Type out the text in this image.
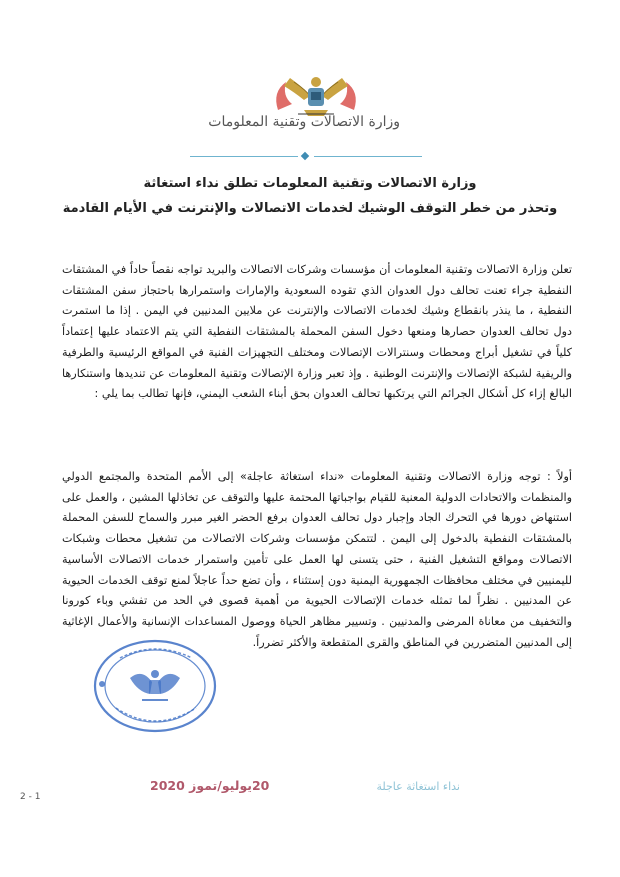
وزارة الاتصالات وتقنية المعلومات
وزارة الاتصالات وتقنية المعلومات تطلق نداء استغاثة
وتحذر من خطر التوقف الوشيك لخدمات الاتصالات والإنترنت في الأيام القادمة
تعلن وزارة الاتصالات وتقنية المعلومات أن مؤسسات وشركات الاتصالات والبريد تواجه نقصاً حاداً في المشتقات النفطية جراء تعنت تحالف دول العدوان الذي تقوده السعودية والإمارات واستمرارها باحتجاز سفن المشتقات النفطية ، ما ينذر بانقطاع وشيك لخدمات الاتصالات والإنترنت عن ملايين المدنيين في اليمن . إذا ما استمرت دول تحالف العدوان حصارها ومنعها دخول السفن المحملة بالمشتقات النفطية التي يتم الاعتماد عليها إعتماداً كلياً في تشغيل أبراج ومحطات وسنترالات الإتصالات ومختلف التجهيزات الفنية في المواقع الرئيسية والطرفية والريفية لشبكة الإتصالات والإنترنت الوطنية . وإذ تعبر وزارة الإتصالات وتقنية المعلومات عن تنديدها واستنكارها البالغ إزاء كل أشكال الجرائم التي يرتكبها تحالف العدوان بحق أبناء الشعب اليمني، فإنها تطالب بما يلي :
أولاً : توجه وزارة الاتصالات وتقنية المعلومات «نداء استغاثة عاجلة» إلى الأمم المتحدة والمجتمع الدولي والمنظمات والاتحادات الدولية المعنية للقيام بواجباتها المحتمة عليها والتوقف عن تخاذلها المشين ، والعمل على استنهاض دورها في التحرك الجاد وإجبار دول تحالف العدوان برفع الحضر الغير مبرر والسماح للسفن المحملة بالمشتقات النفطية بالدخول إلى اليمن . لتتمكن مؤسسات وشركات الاتصالات من تشغيل محطات وشبكات الاتصالات ومواقع التشغيل الفنية ، حتى يتسنى لها العمل على تأمين واستمرار خدمات الاتصالات الأساسية لليمنيين في مختلف محافظات الجمهورية اليمنية دون إستثناء ، وأن تضع حداً عاجلاً لمنع توقف الخدمات الحيوية عن المدنيين . نظراً لما تمثله خدمات الإتصالات الحيوية من أهمية قصوى في الحد من تفشي وباء كورونا والتخفيف من معاناة المرضى والمدنيين . وتسيير مظاهر الحياة ووصول المساعدات الإنسانية والأعمال الإغاثية إلى المدنيين المتضررين في المناطق والقرى المتقطعة والأكثر تضرراً.
نداء استغاثة عاجلة
20يوليو/تموز 2020
2 - 1
